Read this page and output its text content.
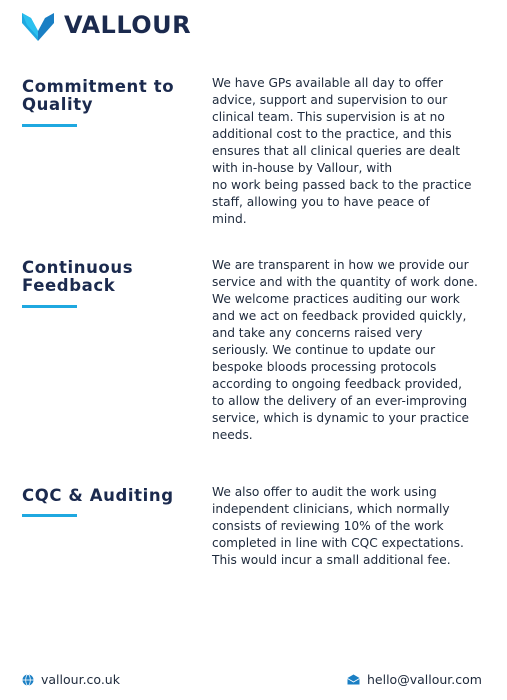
VALLOUR
Commitment to
Quality
We have GPs available all day to offer
advice, support and supervision to our
clinical team. This supervision is at no
additional cost to the practice, and this
ensures that all clinical queries are dealt
with in-house by Vallour, with
no work being passed back to the practice
staff, allowing you to have peace of
mind.
Continuous
Feedback
We are transparent in how we provide our
service and with the quantity of work done.
We welcome practices auditing our work
and we act on feedback provided quickly,
and take any concerns raised very
seriously. We continue to update our
bespoke bloods processing protocols
according to ongoing feedback provided,
to allow the delivery of an ever-improving
service, which is dynamic to your practice
needs.
CQC & Auditing	We also offer to audit the work using
independent clinicians, which normally
consists of reviewing 10% of the work
completed in line with CQC expectations.
This would incur a small additional fee.
vallour.co.uk	hello@vallour.com
